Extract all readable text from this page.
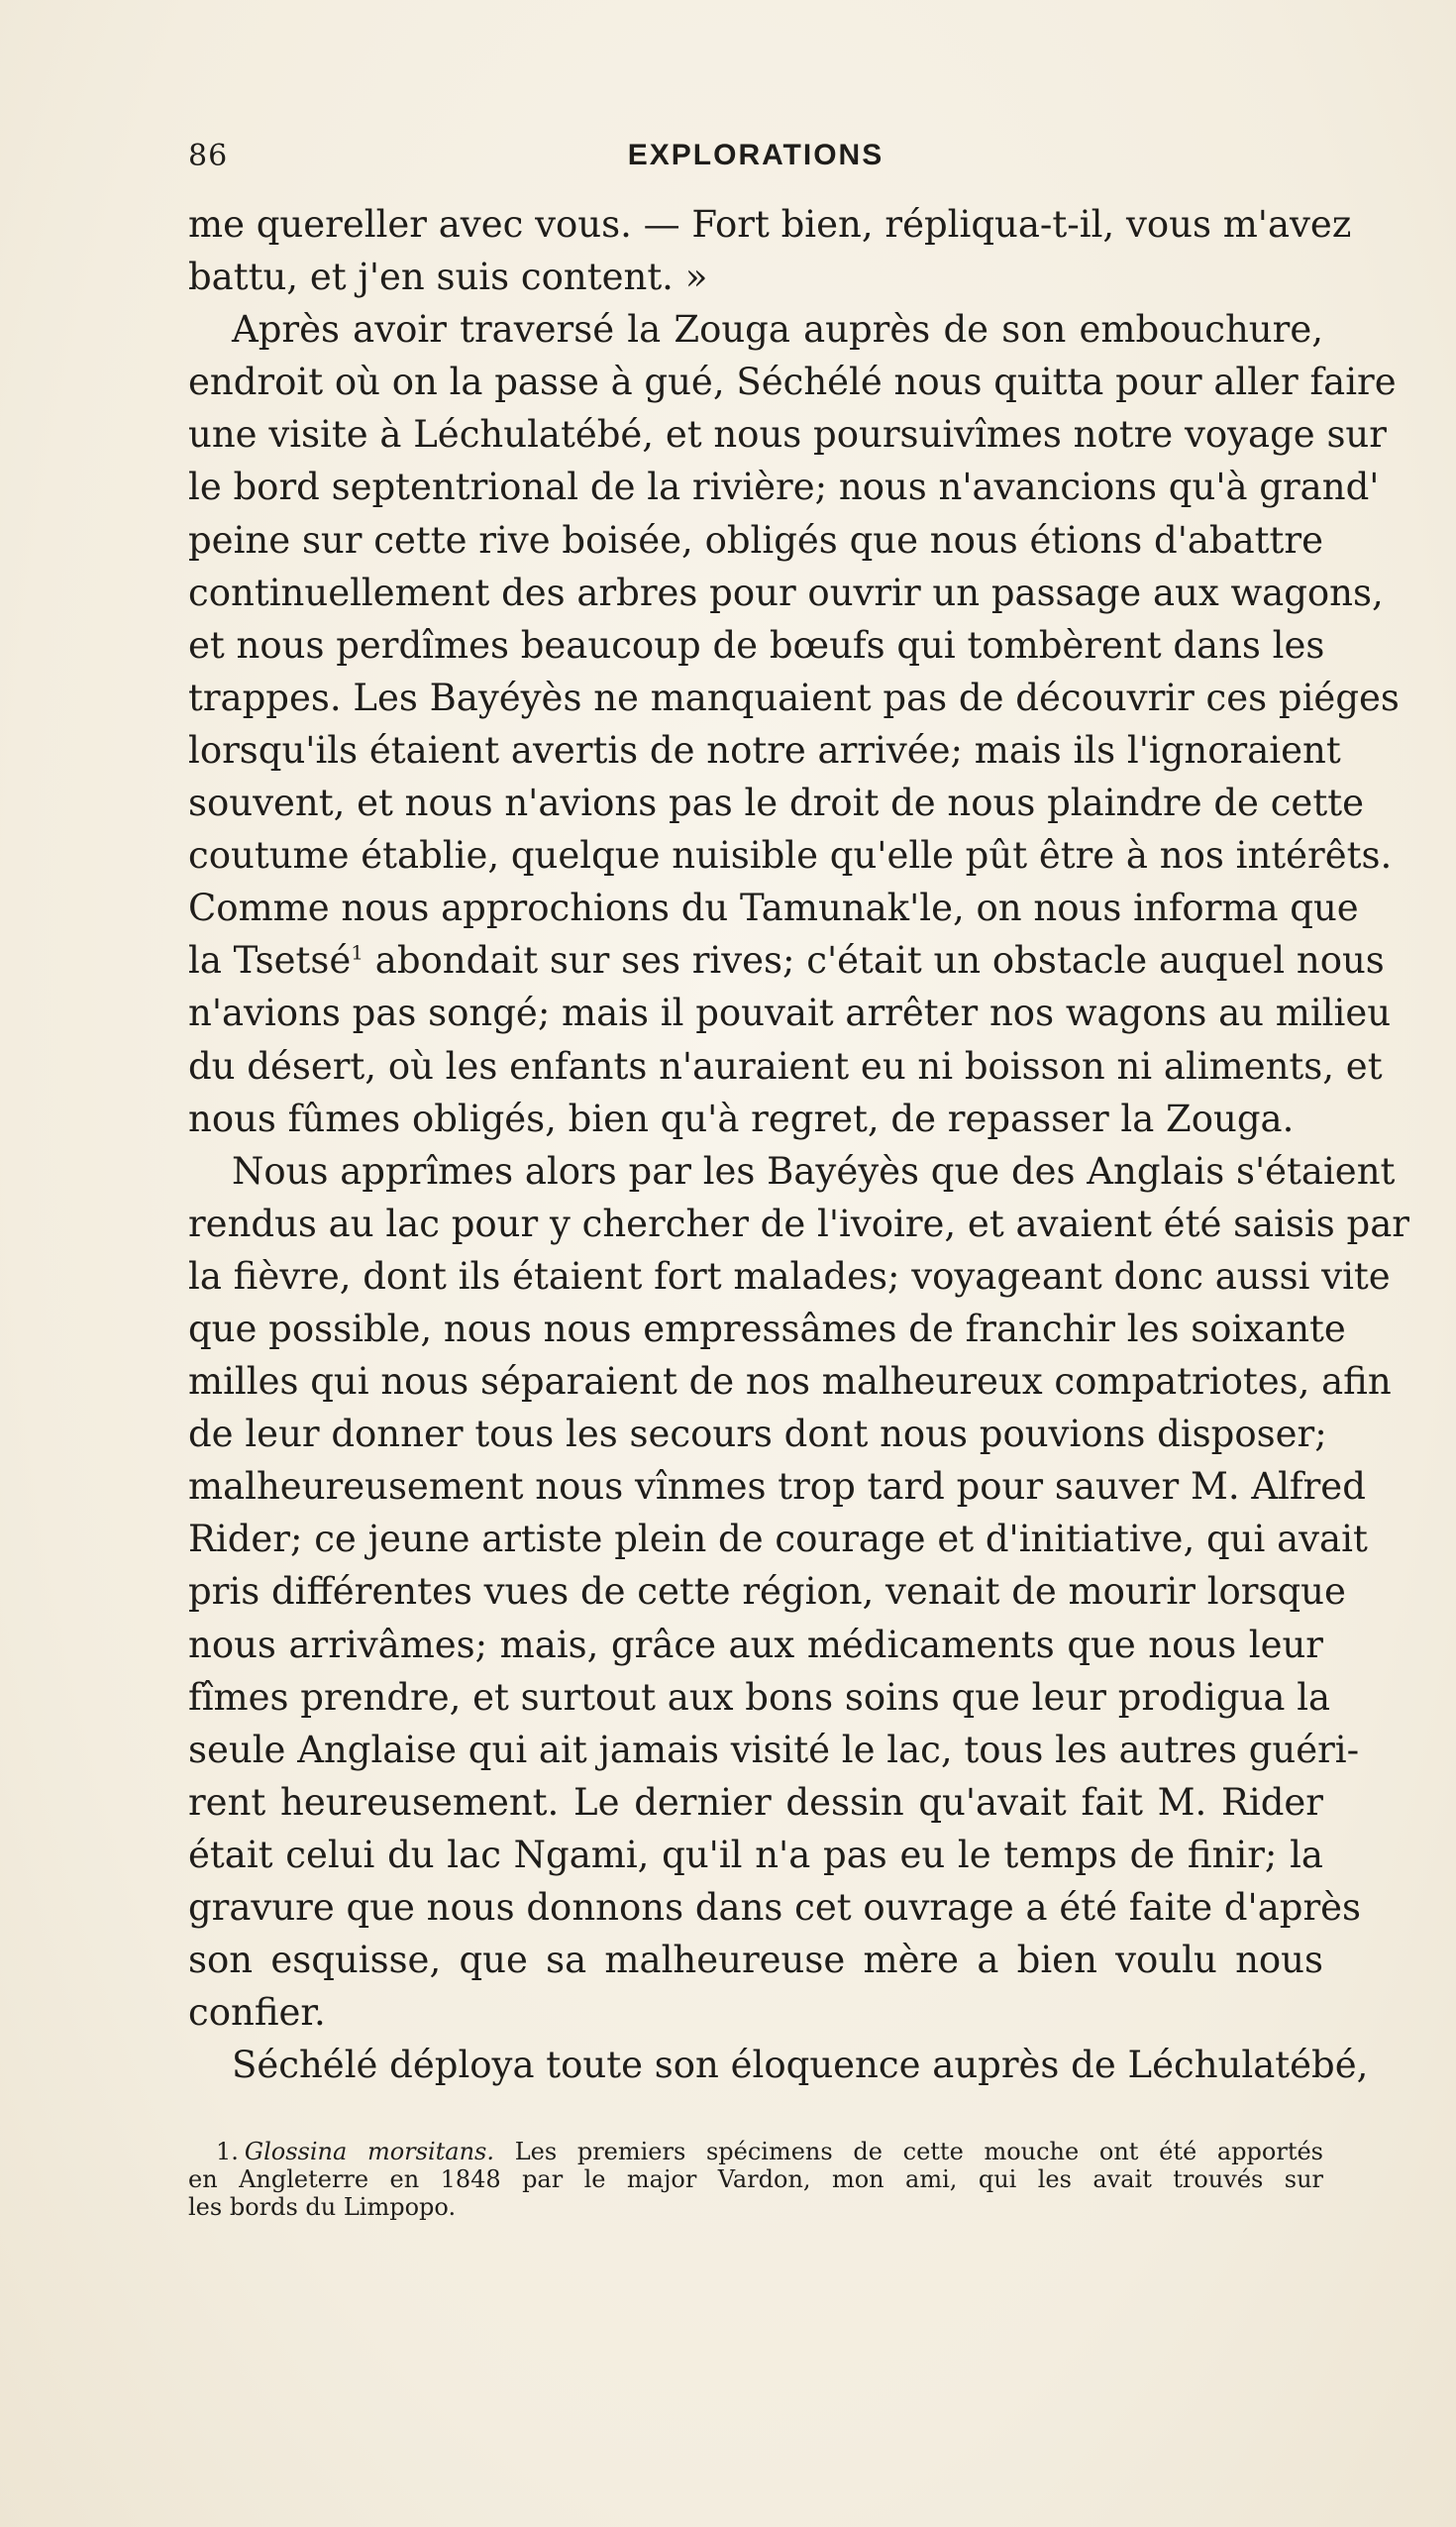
86	EXPLORATIONS
me quereller avec vous. — Fort bien, répliqua-t-il, vous m'avez
battu, et j'en suis content. »
Après avoir traversé la Zouga auprès de son embouchure,
endroit où on la passe à gué, Séchélé nous quitta pour aller faire
une visite à Léchulatébé, et nous poursuivîmes notre voyage sur
le bord septentrional de la rivière; nous n'avancions qu'à grand'
peine sur cette rive boisée, obligés que nous étions d'abattre
continuellement des arbres pour ouvrir un passage aux wagons,
et nous perdîmes beaucoup de bœufs qui tombèrent dans les
trappes. Les Bayéyès ne manquaient pas de découvrir ces piéges
lorsqu'ils étaient avertis de notre arrivée; mais ils l'ignoraient
souvent, et nous n'avions pas le droit de nous plaindre de cette
coutume établie, quelque nuisible qu'elle pût être à nos intérêts.
Comme nous approchions du Tamunak'le, on nous informa que
la Tsetsé$^1$ abondait sur ses rives; c'était un obstacle auquel nous
n'avions pas songé; mais il pouvait arrêter nos wagons au milieu
du désert, où les enfants n'auraient eu ni boisson ni aliments, et
nous fûmes obligés, bien qu'à regret, de repasser la Zouga.
Nous apprîmes alors par les Bayéyès que des Anglais s'étaient
rendus au lac pour y chercher de l'ivoire, et avaient été saisis par
la fièvre, dont ils étaient fort malades; voyageant donc aussi vite
que possible, nous nous empressâmes de franchir les soixante
milles qui nous séparaient de nos malheureux compatriotes, afin
de leur donner tous les secours dont nous pouvions disposer;
malheureusement nous vînmes trop tard pour sauver M. Alfred
Rider; ce jeune artiste plein de courage et d'initiative, qui avait
pris différentes vues de cette région, venait de mourir lorsque
nous arrivâmes; mais, grâce aux médicaments que nous leur
fîmes prendre, et surtout aux bons soins que leur prodigua la
seule Anglaise qui ait jamais visité le lac, tous les autres guéri-
rent heureusement. Le dernier dessin qu'avait fait M. Rider
était celui du lac Ngami, qu'il n'a pas eu le temps de finir; la
gravure que nous donnons dans cet ouvrage a été faite d'après
son esquisse, que sa malheureuse mère a bien voulu nous
confier.
Séchélé déploya toute son éloquence auprès de Léchulatébé,
1. Glossina morsitans. Les premiers spécimens de cette mouche ont été apportés
en Angleterre en 1848 par le major Vardon, mon ami, qui les avait trouvés sur
les bords du Limpopo.
